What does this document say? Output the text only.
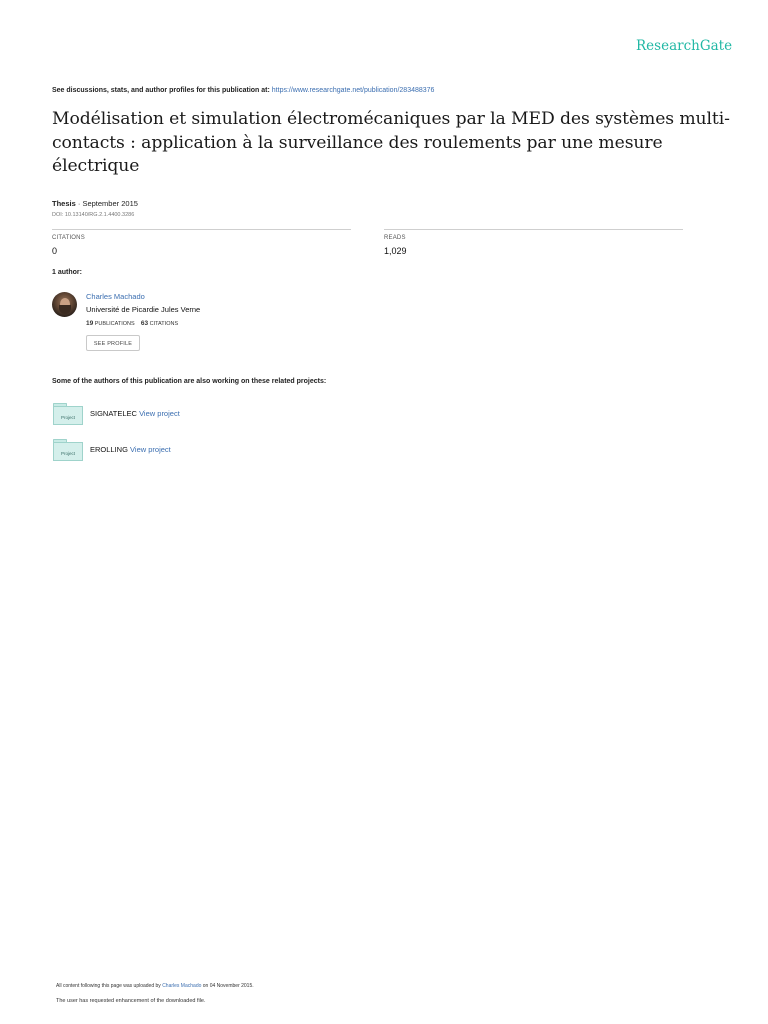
ResearchGate
See discussions, stats, and author profiles for this publication at: https://www.researchgate.net/publication/283488376
Modélisation et simulation électromécaniques par la MED des systèmes multi-contacts : application à la surveillance des roulements par une mesure électrique
Thesis · September 2015
DOI: 10.13140/RG.2.1.4400.3286
CITATIONS
0
READS
1,029
1 author:
Charles Machado
Université de Picardie Jules Verne
19 PUBLICATIONS 63 CITATIONS
SEE PROFILE
Some of the authors of this publication are also working on these related projects:
Project	SIGNATELEC View project
Project	EROLLING View project
All content following this page was uploaded by Charles Machado on 04 November 2015.
The user has requested enhancement of the downloaded file.
